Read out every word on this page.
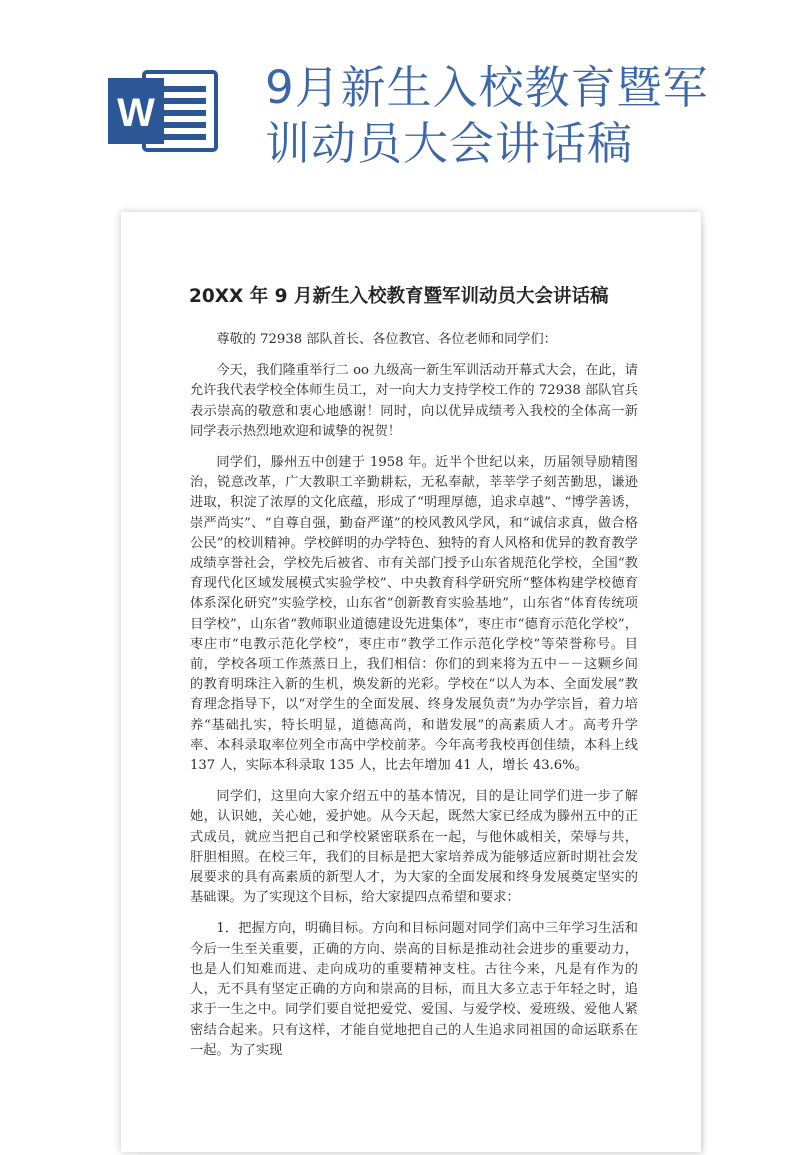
W 9月新生入校教育暨军
训动员大会讲话稿
20XX 年 9 月新生入校教育暨军训动员大会讲话稿

尊敬的 72938 部队首长、各位教官、各位老师和同学们：

今天，我们隆重举行二 oo 九级高一新生军训活动开幕式大会，在此，请允许我代表学校全体师生员工，对一向大力支持学校工作的 72938 部队官兵表示崇高的敬意和衷心地感谢！同时，向以优异成绩考入我校的全体高一新同学表示热烈地欢迎和诚挚的祝贺！

同学们，滕州五中创建于 1958 年。近半个世纪以来，历届领导励精图治，锐意改革，广大教职工辛勤耕耘，无私奉献，莘莘学子刻苦勤思，谦逊进取，积淀了浓厚的文化底蕴，形成了“明理厚德，追求卓越”、“博学善诱，崇严尚实”、“自尊自强，勤奋严谨”的校风教风学风，和“诚信求真，做合格公民”的校训精神。学校鲜明的办学特色、独特的育人风格和优异的教育教学成绩享誉社会，学校先后被省、市有关部门授予山东省规范化学校，全国“教育现代化区域发展模式实验学校”、中央教育科学研究所“整体构建学校德育体系深化研究”实验学校，山东省“创新教育实验基地”，山东省“体育传统项目学校”，山东省“教师职业道德建设先进集体”，枣庄市“德育示范化学校”，枣庄市“电教示范化学校”，枣庄市“教学工作示范化学校”等荣誉称号。目前，学校各项工作蒸蒸日上，我们相信：你们的到来将为五中－－这颗乡间的教育明珠注入新的生机，焕发新的光彩。学校在“以人为本、全面发展”教育理念指导下，以“对学生的全面发展、终身发展负责”为办学宗旨，着力培养“基础扎实，特长明显，道德高尚，和谐发展”的高素质人才。高考升学率、本科录取率位列全市高中学校前茅。今年高考我校再创佳绩，本科上线 137 人，实际本科录取 135 人，比去年增加 41 人，增长 43.6%。

同学们，这里向大家介绍五中的基本情况，目的是让同学们进一步了解她，认识她，关心她，爱护她。从今天起，既然大家已经成为滕州五中的正式成员，就应当把自己和学校紧密联系在一起，与他休戚相关，荣辱与共，肝胆相照。在校三年，我们的目标是把大家培养成为能够适应新时期社会发展要求的具有高素质的新型人才，为大家的全面发展和终身发展奠定坚实的基础课。为了实现这个目标，给大家提四点希望和要求：

1．把握方向，明确目标。方向和目标问题对同学们高中三年学习生活和今后一生至关重要，正确的方向、崇高的目标是推动社会进步的重要动力，也是人们知难而进、走向成功的重要精神支柱。古往今来，凡是有作为的人，无不具有坚定正确的方向和崇高的目标，而且大多立志于年轻之时，追求于一生之中。同学们要自觉把爱党、爱国、与爱学校、爱班级、爱他人紧密结合起来。只有这样，才能自觉地把自己的人生追求同祖国的命运联系在一起。为了实现
